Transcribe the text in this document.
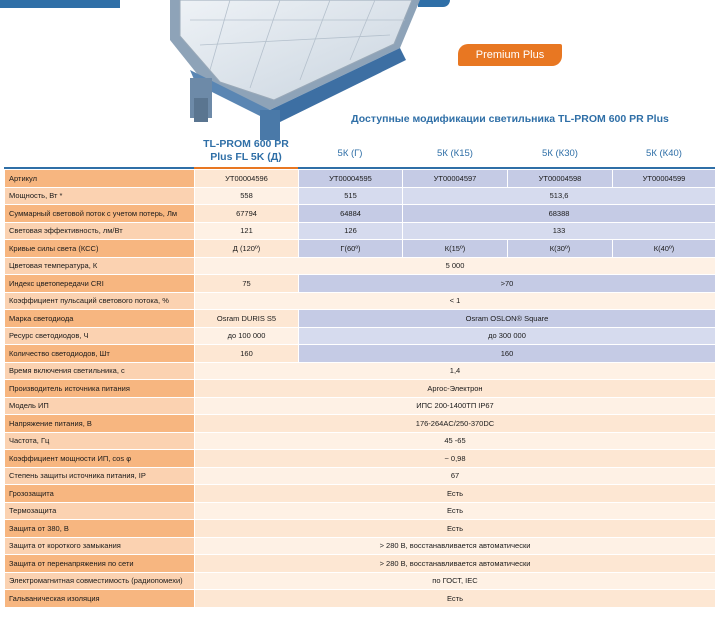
Premium Plus
Доступные модификации светильника TL-PROM 600 PR Plus
TL-PROM 600 PR Plus FL 5K (Д)	5К (Г)	5К (К15)	5К (К30)	5К (К40)
Артикул	УТ00004596	УТ00004595	УТ00004597	УТ00004598	УТ00004599
Мощность, Вт *	558	515	513,6		
Суммарный световой поток с учетом потерь, Лм	67794	64884	68388		
Световая эффективность, лм/Вт	121	126	133		
Кривые силы света (КСС)	Д (120º)	Г(60º)	К(15º)	К(30º)	К(40º)
Цветовая температура, К	5 000				
Индекс цветопередачи CRI	75	>70			
Коэффициент пульсаций светового потока, %	< 1				
Марка светодиода	Osram DURIS S5	Osram OSLON® Square			
Ресурс светодиодов, Ч	до 100 000	до 300 000			
Количество светодиодов, Шт	160	160			
Время включения светильника, с	1,4				
Производитель источника питания	Аргос-Электрон				
Модель ИП	ИПС 200-1400ТП IP67				
Напряжение питания, В	176-264AC/250-370DC				
Частота, Гц	45 -65				
Коэффициент мощности ИП, cos φ	~ 0,98				
Степень защиты источника питания, IP	67				
Грозозащита	Есть				
Термозащита	Есть				
Защита от 380, В	Есть				
Защита от короткого замыкания	> 280 В, восстанавливается автоматически				
Защита от перенапряжения по сети	> 280 В, восстанавливается автоматически				
Электромагнитная совместимость (радиопомехи)	по ГОСТ, IEC				
Гальваническая изоляция	Есть				
